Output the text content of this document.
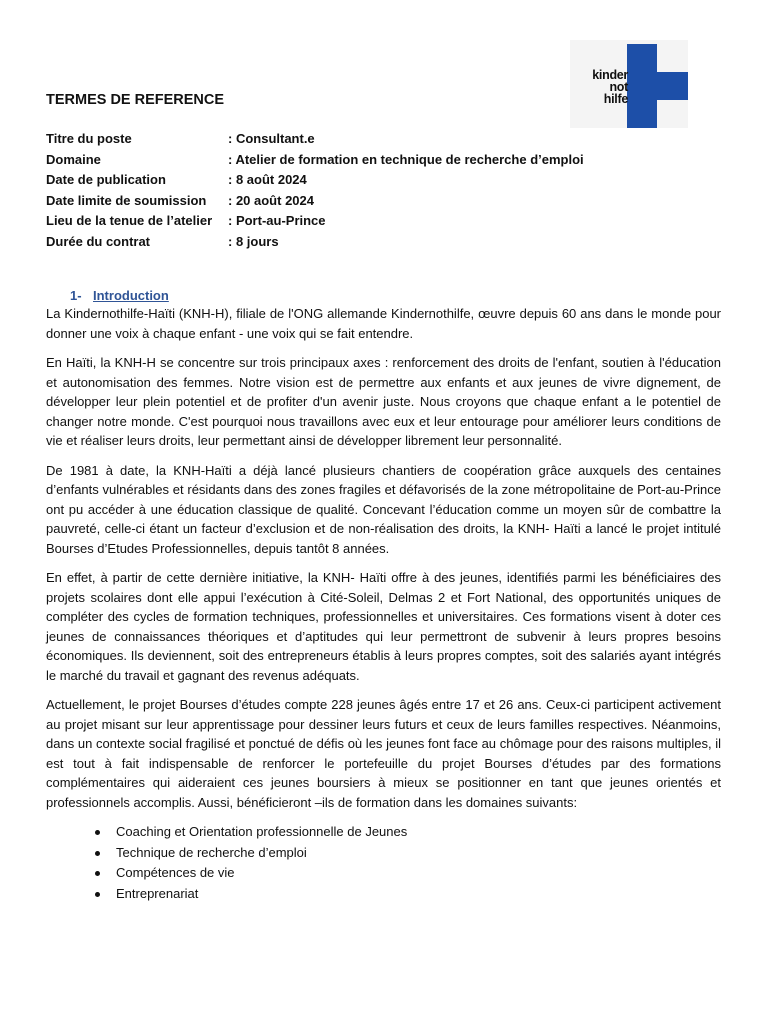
kinder
not
hilfe
TERMES DE REFERENCE
Titre du poste	: Consultant.e
Domaine	: Atelier de formation en technique de recherche d’emploi
Date de publication	: 8 août 2024
Date limite de soumission	: 20 août 2024
Lieu de la tenue de l’atelier	: Port-au-Prince
Durée du contrat	: 8 jours
1- Introduction

La Kindernothilfe-Haïti (KNH-H), filiale de l'ONG allemande Kindernothilfe, œuvre depuis 60 ans dans le monde pour donner une voix à chaque enfant - une voix qui se fait entendre.

En Haïti, la KNH-H se concentre sur trois principaux axes : renforcement des droits de l'enfant, soutien à l'éducation et autonomisation des femmes. Notre vision est de permettre aux enfants et aux jeunes de vivre dignement, de développer leur plein potentiel et de profiter d'un avenir juste. Nous croyons que chaque enfant a le potentiel de changer notre monde. C'est pourquoi nous travaillons avec eux et leur entourage pour améliorer leurs conditions de vie et réaliser leurs droits, leur permettant ainsi de développer librement leur personnalité.

De 1981 à date, la KNH-Haïti a déjà lancé plusieurs chantiers de coopération grâce auxquels des centaines d’enfants vulnérables et résidants dans des zones fragiles et défavorisés de la zone métropolitaine de Port-au-Prince ont pu accéder à une éducation classique de qualité. Concevant l’éducation comme un moyen sûr de combattre la pauvreté, celle-ci étant un facteur d’exclusion et de non-réalisation des droits, la KNH- Haïti a lancé le projet intitulé Bourses d’Etudes Professionnelles, depuis tantôt 8 années.

En effet, à partir de cette dernière initiative, la KNH- Haïti offre à des jeunes, identifiés parmi les bénéficiaires des projets scolaires dont elle appui l’exécution à Cité-Soleil, Delmas 2 et Fort National, des opportunités uniques de compléter des cycles de formation techniques, professionnelles et universitaires. Ces formations visent à doter ces jeunes de connaissances théoriques et d’aptitudes qui leur permettront de subvenir à leurs propres besoins économiques. Ils deviennent, soit des entrepreneurs établis à leurs propres comptes, soit des salariés ayant intégrés le marché du travail et gagnant des revenus adéquats.

Actuellement, le projet Bourses d’études compte 228 jeunes âgés entre 17 et 26 ans. Ceux-ci participent activement au projet misant sur leur apprentissage pour dessiner leurs futurs et ceux de leurs familles respectives. Néanmoins, dans un contexte social fragilisé et ponctué de défis où les jeunes font face au chômage pour des raisons multiples, il est tout à fait indispensable de renforcer le portefeuille du projet Bourses d’études par des formations complémentaires qui aideraient ces jeunes boursiers à mieux se positionner en tant que jeunes orientés et professionnels accomplis. Aussi, bénéficieront –ils de formation dans les domaines suivants:

Coaching et Orientation professionnelle de Jeunes
Technique de recherche d’emploi
Compétences de vie
Entreprenariat
